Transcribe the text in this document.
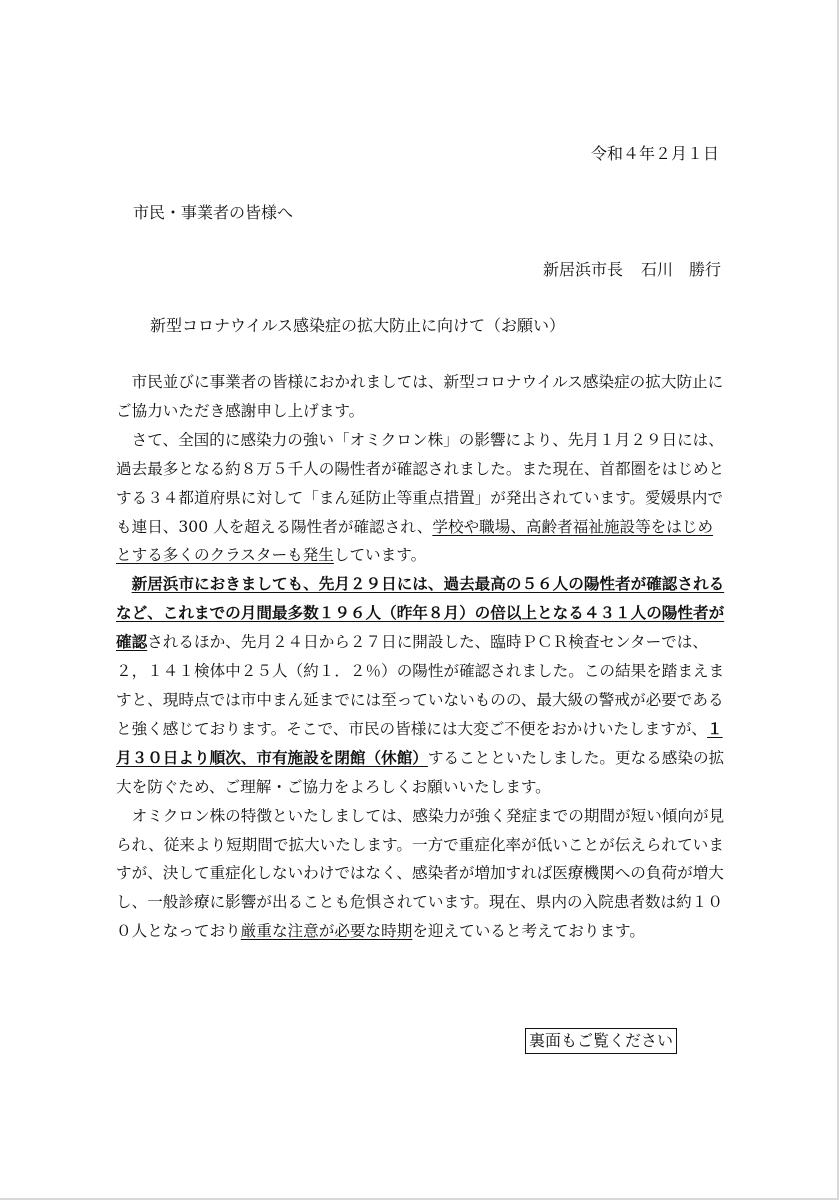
令和４年２月１日
市民・事業者の皆様へ
新居浜市長 石川　勝行
新型コロナウイルス感染症の拡大防止に向けて（お願い）

市民並びに事業者の皆様におかれましては、新型コロナウイルス感染症の拡大防止にご協力いただき感謝申し上げます。

さて、全国的に感染力の強い「オミクロン株」の影響により、先月１月２９日には、過去最多となる約８万５千人の陽性者が確認されました。また現在、首都圏をはじめとする３４都道府県に対して「まん延防止等重点措置」が発出されています。愛媛県内でも連日、300 人を超える陽性者が確認され、学校や職場、高齢者福祉施設等をはじめとする多くのクラスターも発生しています。

新居浜市におきましても、先月２９日には、過去最高の５６人の陽性者が確認されるなど、これまでの月間最多数１９６人（昨年８月）の倍以上となる４３１人の陽性者が確認されるほか、先月２４日から２７日に開設した、臨時ＰＣＲ検査センターでは、２，１４１検体中２５人（約１．２％）の陽性が確認されました。この結果を踏まえますと、現時点では市中まん延までには至っていないものの、最大級の警戒が必要であると強く感じております。そこで、市民の皆様には大変ご不便をおかけいたしますが、１月３０日より順次、市有施設を閉館（休館）することといたしました。更なる感染の拡大を防ぐため、ご理解・ご協力をよろしくお願いいたします。

オミクロン株の特徴といたしましては、感染力が強く発症までの期間が短い傾向が見られ、従来より短期間で拡大いたします。一方で重症化率が低いことが伝えられていますが、決して重症化しないわけではなく、感染者が増加すれば医療機関への負荷が増大し、一般診療に影響が出ることも危惧されています。現在、県内の入院患者数は約１００人となっており厳重な注意が必要な時期を迎えていると考えております。

裏面もご覧ください
